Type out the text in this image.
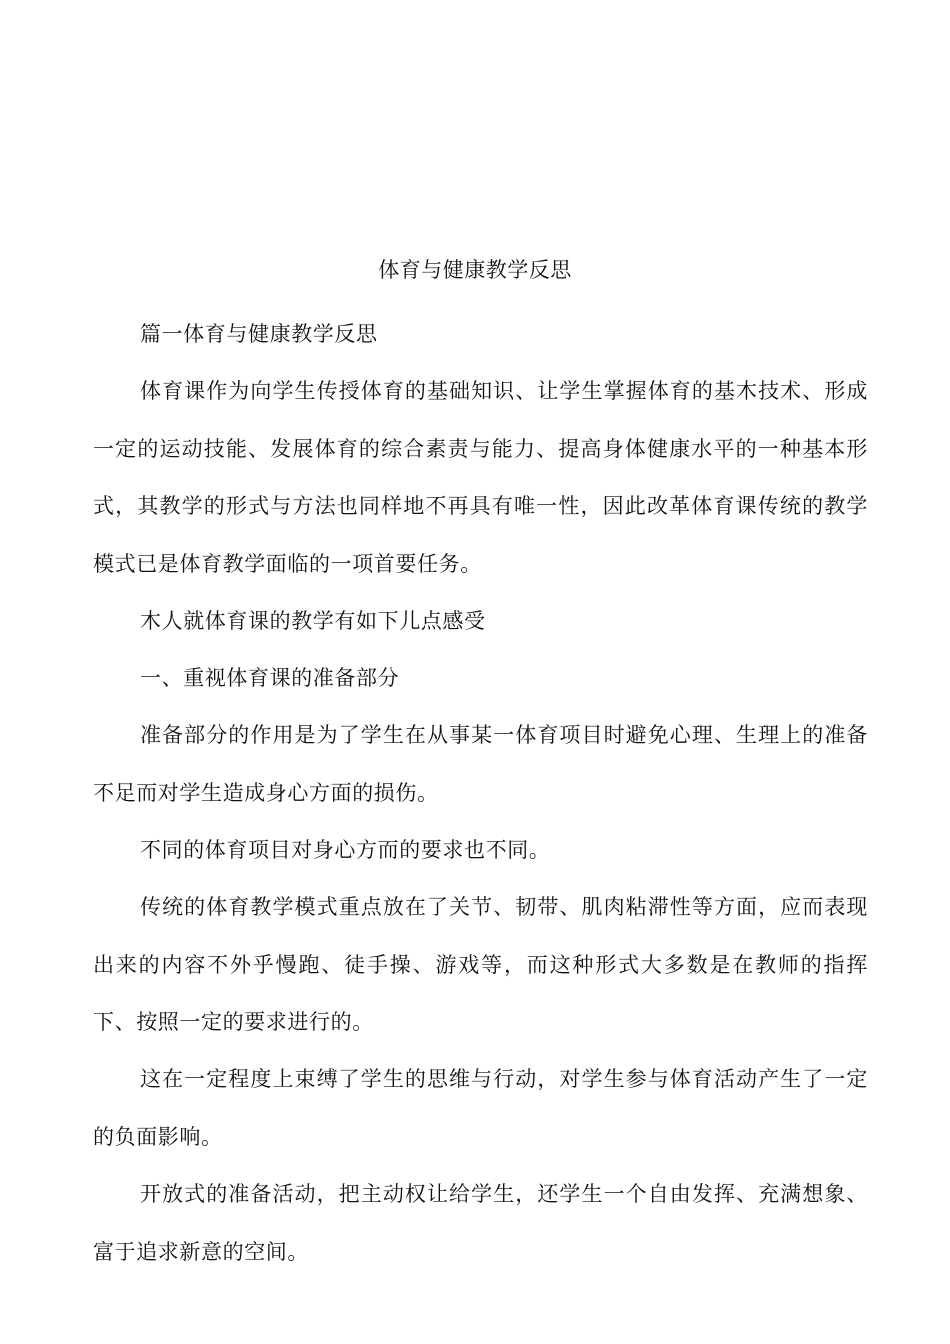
体育与健康教学反思

篇一体育与健康教学反思

体育课作为向学生传授体育的基础知识、让学生掌握体育的基木技术、形成一定的运动技能、发展体育的综合素责与能力、提高身体健康水平的一种基本形式，其教学的形式与方法也同样地不再具有唯一性，因此改革体育课传统的教学模式已是体育教学面临的一项首要任务。

木人就体育课的教学有如下儿点感受

一、重视体育课的准备部分

准备部分的作用是为了学生在从事某一体育项目时避免心理、生理上的准备不足而对学生造成身心方面的损伤。

不同的体育项目对身心方而的要求也不同。

传统的体育教学模式重点放在了关节、韧带、肌肉粘滞性等方面，应而表现出来的内容不外乎慢跑、徒手操、游戏等，而这种形式大多数是在教师的指挥下、按照一定的要求进行的。

这在一定程度上束缚了学生的思维与行动，对学生参与体育活动产生了一定的负面影响。

开放式的准备活动，把主动权让给学生，还学生一个自由发挥、充满想象、富于追求新意的空间。
